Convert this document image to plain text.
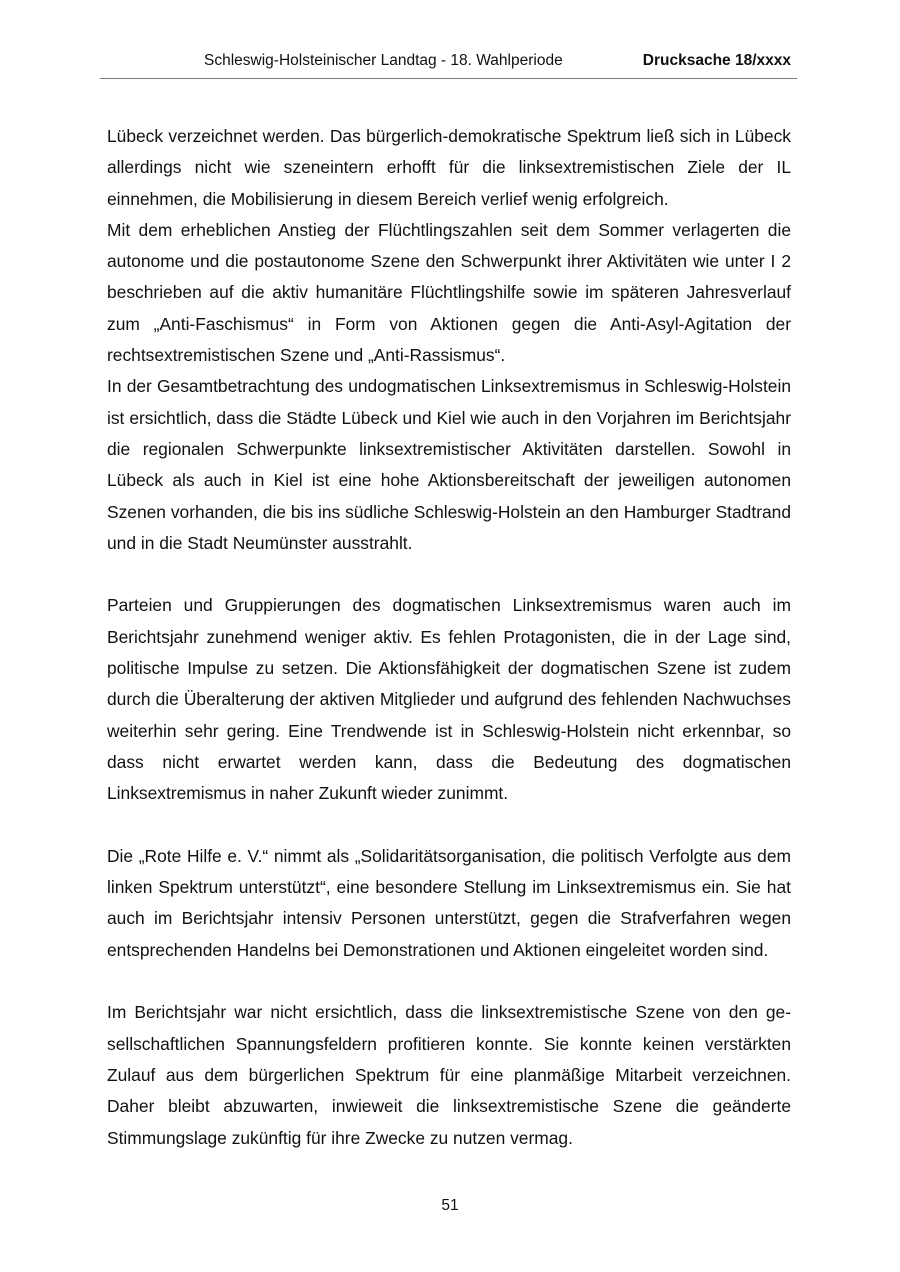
Schleswig-Holsteinischer Landtag - 18. Wahlperiode	Drucksache 18/xxxx

Lübeck verzeichnet werden. Das bürgerlich-demokratische Spektrum ließ sich in Lübeck allerdings nicht wie szeneintern erhofft für die linksextremistischen Ziele der IL einnehmen, die Mobilisierung in diesem Bereich verlief wenig erfolgreich.

Mit dem erheblichen Anstieg der Flüchtlingszahlen seit dem Sommer verlagerten die autonome und die postautonome Szene den Schwerpunkt ihrer Aktivitäten wie unter I 2 beschrieben auf die aktiv humanitäre Flüchtlingshilfe sowie im späteren Jahresverlauf zum „Anti-Faschismus“ in Form von Aktionen gegen die Anti-Asyl-Agitation der rechtsextremistischen Szene und „Anti-Rassismus“.

In der Gesamtbetrachtung des undogmatischen Linksextremismus in Schleswig-Holstein ist ersichtlich, dass die Städte Lübeck und Kiel wie auch in den Vorjahren im Berichtsjahr die regionalen Schwerpunkte linksextremistischer Aktivitäten darstellen. Sowohl in Lübeck als auch in Kiel ist eine hohe Aktionsbereitschaft der jeweiligen autonomen Szenen vorhanden, die bis ins südliche Schleswig-Holstein an den Hamburger Stadtrand und in die Stadt Neumünster ausstrahlt.

Parteien und Gruppierungen des dogmatischen Linksextremismus waren auch im Berichtsjahr zunehmend weniger aktiv. Es fehlen Protagonisten, die in der Lage sind, politische Impulse zu setzen. Die Aktionsfähigkeit der dogmatischen Szene ist zudem durch die Überalterung der aktiven Mitglieder und aufgrund des fehlenden Nachwuchses weiterhin sehr gering. Eine Trendwende ist in Schleswig-Holstein nicht erkennbar, so dass nicht erwartet werden kann, dass die Bedeutung des dogmatischen Linksextremismus in naher Zukunft wieder zunimmt.

Die „Rote Hilfe e. V.“ nimmt als „Solidaritätsorganisation, die politisch Verfolgte aus dem linken Spektrum unterstützt“, eine besondere Stellung im Linksextremismus ein. Sie hat auch im Berichtsjahr intensiv Personen unterstützt, gegen die Strafverfahren wegen entsprechenden Handelns bei Demonstrationen und Aktionen eingeleitet worden sind.

Im Berichtsjahr war nicht ersichtlich, dass die linksextremistische Szene von den gesellschaftlichen Spannungsfeldern profitieren konnte. Sie konnte keinen verstärkten Zulauf aus dem bürgerlichen Spektrum für eine planmäßige Mitarbeit verzeichnen. Daher bleibt abzuwarten, inwieweit die linksextremistische Szene die geänderte Stimmungslage zukünftig für ihre Zwecke zu nutzen vermag.

51
